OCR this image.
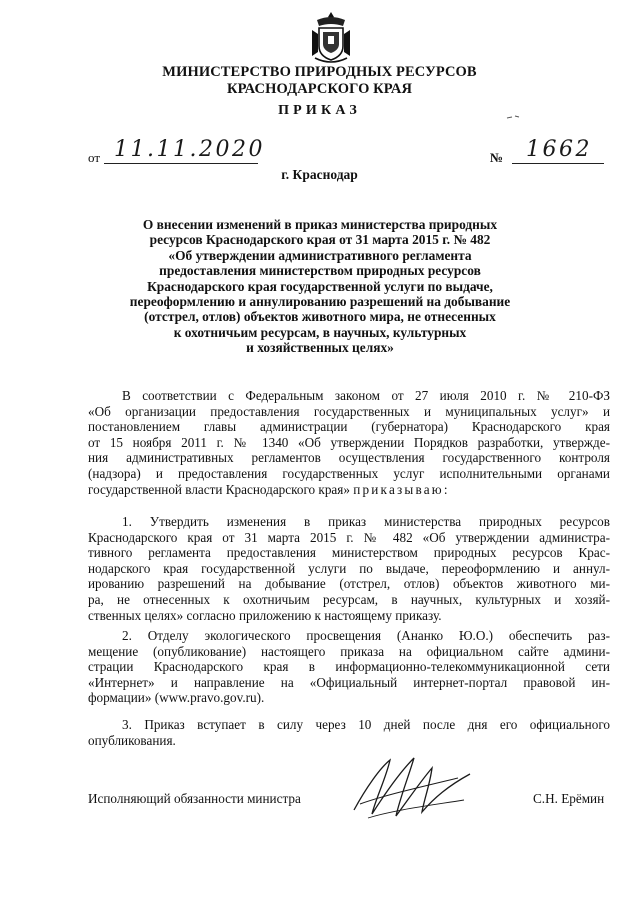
МИНИСТЕРСТВО ПРИРОДНЫХ РЕСУРСОВ
КРАСНОДАРСКОГО КРАЯ
ПРИКАЗ
от 11.11.2020	№ 1662
г. Краснодар
О внесении изменений в приказ министерства природных
ресурсов Краснодарского края от 31 марта 2015 г. № 482
«Об утверждении административного регламента
предоставления министерством природных ресурсов
Краснодарского края государственной услуги по выдаче,
переоформлению и аннулированию разрешений на добывание
(отстрел, отлов) объектов животного мира, не отнесенных
к охотничьим ресурсам, в научных, культурных
и хозяйственных целях»
В соответствии с Федеральным законом от 27 июля 2010 г. № 210-ФЗ
«Об организации предоставления государственных и муниципальных услуг» и
постановлением главы администрации (губернатора) Краснодарского края
от 15 ноября 2011 г. № 1340 «Об утверждении Порядков разработки, утвержде-
ния административных регламентов осуществления государственного контроля
(надзора) и предоставления государственных услуг исполнительными органами
государственной власти Краснодарского края» приказываю:
1. Утвердить изменения в приказ министерства природных ресурсов
Краснодарского края от 31 марта 2015 г. № 482 «Об утверждении администра-
тивного регламента предоставления министерством природных ресурсов Крас-
нодарского края государственной услуги по выдаче, переоформлению и аннул-
ированию разрешений на добывание (отстрел, отлов) объектов животного ми-
ра, не отнесенных к охотничьим ресурсам, в научных, культурных и хозяй-
ственных целях» согласно приложению к настоящему приказу.
2. Отделу экологического просвещения (Ананко Ю.О.) обеспечить раз-
мещение (опубликование) настоящего приказа на официальном сайте админи-
страции Краснодарского края в информационно-телекоммуникационной сети
«Интернет» и направление на «Официальный интернет-портал правовой ин-
формации» (www.pravo.gov.ru).
3. Приказ вступает в силу через 10 дней после дня его официального
опубликования.
Исполняющий обязанности министра	С.Н. Ерёмин
